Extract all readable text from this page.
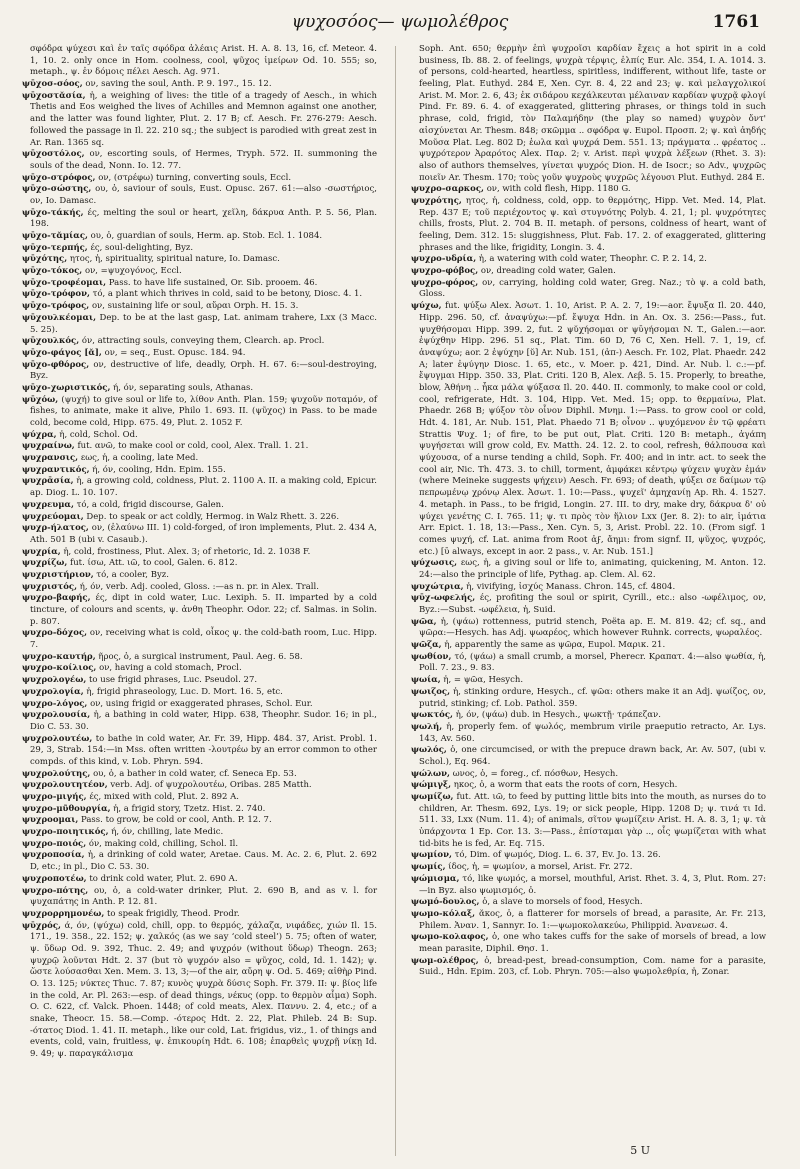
ψυχοσόος— ψωμολέθρος	1761

σφόδρα ψύχεσι καὶ ἐν ταῖς σφόδρα ἀλέαις Arist. H. A. 8. 13, 16, cf. Meteor. 4. 1, 10. 2. only once in Hom. coolness, cool, ψῦχος ἱμείρων Od. 10. 555; so, metaph., ψ. ἐν δόμοις πέλει Aesch. Ag. 971.

ψῡχοσ-σόος, ον, saving the soul, Anth. P. 9. 197., 15. 12.

ψῡχοστᾰσία, ἡ, a weighing of lives: the title of a tragedy of Aesch., in which Thetis and Eos weighed the lives of Achilles and Memnon against one another, and the latter was found lighter, Plut. 2. 17 B; cf. Aesch. Fr. 276-279: Aesch. followed the passage in Il. 22. 210 sq.; the subject is parodied with great zest in Ar. Ran. 1365 sq.

ψῡχοστόλος, ον, escorting souls, of Hermes, Tryph. 572. II. summoning the souls of the dead, Nonn. Io. 12. 77.

ψῡχο-στρόφος, ον, (στρέφω) turning, converting souls, Eccl.

ψῡχο-σώστης, ου, ὁ, saviour of souls, Eust. Opusc. 267. 61:—also -σωστήριος, ον, Io. Damasc.

ψῡχο-τάκής, ές, melting the soul or heart, χεῖλη, δάκρυα Anth. P. 5. 56, Plan. 198.

ψῡχο-τᾰμίας, ου, ὁ, guardian of souls, Herm. ap. Stob. Ecl. 1. 1084.

ψῡχο-τερπής, ές, soul-delighting, Byz.

ψῡχότης, ητος, ἡ, spirituality, spiritual nature, Io. Damasc.

ψῡχο-τόκος, ον, =ψυχογόνος, Eccl.

ψῡχο-τροφέομαι, Pass. to have life sustained, Or. Sib. prooem. 46.

ψῡχο-τρόφον, τό, a plant which thrives in cold, said to be betony, Diosc. 4. 1.

ψῡχο-τρόφος, ον, sustaining life or soul, αὔραι Orph. H. 15. 3.

ψῡχουλκέομαι, Dep. to be at the last gasp, Lat. animam trahere, Lxx (3 Macc. 5. 25).

ψῡχουλκός, όν, attracting souls, conveying them, Clearch. ap. Procl.

ψῡχο-φάγος [ᾰ], ον, = seq., Eust. Opusc. 184. 94.

ψῡχο-φθόρος, ον, destructive of life, deadly, Orph. H. 67. 6:—soul-destroying, Byz.

ψῡχο-χωριστικός, ή, όν, separating souls, Athanas.

ψῡχόω, (ψυχή) to give soul or life to, λίθον Anth. Plan. 159; ψυχοῦν ποταμόν, of fishes, to animate, make it alive, Philo 1. 693. II. (ψῦχος) in Pass. to be made cold, become cold, Hipp. 675. 49, Plut. 2. 1052 F.

ψύχρα, ἡ, cold, Schol. Od.

ψυχραίνω, fut. ανῶ, to make cool or cold, cool, Alex. Trall. 1. 21.

ψυχρανσις, εως, ἡ, a cooling, late Med.

ψυχραντικός, ή, όν, cooling, Hdn. Epim. 155.

ψυχρᾱσία, ἡ, a growing cold, coldness, Plut. 2. 1100 A. II. a making cold, Epicur. ap. Diog. L. 10. 107.

ψυχρευμα, τό, a cold, frigid discourse, Galen.

ψυχρεύομαι, Dep. to speak or act coldly, Hermog. in Walz Rhett. 3. 226.

ψυχρ-ήλατος, ον, (ἐλαύνω III. 1) cold-forged, of iron implements, Plut. 2. 434 A, Ath. 501 B (ubi v. Casaub.).

ψυχρία, ἡ, cold, frostiness, Plut. Alex. 3; of rhetoric, Id. 2. 1038 F.

ψυχρίζω, fut. ίσω, Att. ιῶ, to cool, Galen. 6. 812.

ψυχριστήριον, τό, a cooler, Byz.

ψυχριστός, ή, όν, verb. Adj. cooled, Gloss. :—as n. pr. in Alex. Trall.

ψυχρο-βαφής, ές, dipt in cold water, Luc. Lexiph. 5. II. imparted by a cold tincture, of colours and scents, ψ. ἀνθη Theophr. Odor. 22; cf. Salmas. in Solin. p. 807.

ψυχρο-δόχος, ον, receiving what is cold, οἶκος ψ. the cold-bath room, Luc. Hipp. 7.

ψυχρο-καυτήρ, ῆρος, ὁ, a surgical instrument, Paul. Aeg. 6. 58.

ψυχρο-κοίλιος, ον, having a cold stomach, Procl.

ψυχρολογέω, to use frigid phrases, Luc. Pseudol. 27.

ψυχρολογία, ἡ, frigid phraseology, Luc. D. Mort. 16. 5, etc.

ψυχρο-λόγος, ον, using frigid or exaggerated phrases, Schol. Eur.

ψυχρολουσία, ἡ, a bathing in cold water, Hipp. 638, Theophr. Sudor. 16; in pl., Dio C. 53. 30.

ψυχρολουτέω, to bathe in cold water, Ar. Fr. 39, Hipp. 484. 37, Arist. Probl. 1. 29, 3, Strab. 154:—in Mss. often written -λουτρέω by an error common to other compds. of this kind, v. Lob. Phryn. 594.

ψυχρολούτης, ου, ὁ, a bather in cold water, cf. Seneca Ep. 53.

ψυχρολουτητέον, verb. Adj. of ψυχρολουτέω, Oribas. 285 Matth.

ψυχρο-μιγής, ές, mixed with cold, Plut. 2. 892 A.

ψυχρο-μῦθουργία, ἡ, a frigid story, Tzetz. Hist. 2. 740.

ψυχροομαι, Pass. to grow, be cold or cool, Anth. P. 12. 7.

ψυχρο-ποιητικός, ή, όν, chilling, late Medic.

ψυχρο-ποιός, όν, making cold, chilling, Schol. Il.

ψυχροποσία, ἡ, a drinking of cold water, Aretae. Caus. M. Ac. 2. 6, Plut. 2. 692 D, etc.; in pl., Dio C. 53. 30.

ψυχροποτέω, to drink cold water, Plut. 2. 690 A.

ψυχρο-πότης, ου, ὁ, a cold-water drinker, Plut. 2. 690 B, and as v. l. for ψυχαπάτης in Anth. P. 12. 81.

ψυχρορρημονέω, to speak frigidly, Theod. Prodr.

ψῡχρός, ά, όν, (ψύχω) cold, chill, opp. to θερμός, χάλαζα, νιφάδες, χιών Il. 15. 171., 19. 358., 22. 152; ψ. χαλκός (as we say ‘cold steel’) 5. 75; often of water, ψ. ὕδωρ Od. 9. 392, Thuc. 2. 49; and ψυχρόν (without ὕδωρ) Theogn. 263; ψυχρῷ λοῦνται Hdt. 2. 37 (but τὸ ψυχρόν also = ψῦχος, cold, Id. 1. 142); ψ. ὥστε λούσασθαι Xen. Mem. 3. 13, 3;—of the air, αὔρη ψ. Od. 5. 469; αἰθὴρ Pind. O. 13. 125; νύκτες Thuc. 7. 87; κυνὸς ψυχρὰ δύσις Soph. Fr. 379. II: ψ. βίος life in the cold, Ar. Pl. 263:—esp. of dead things, νέκυς (opp. to θερμὸν αἷμα) Soph. O. C. 622, cf. Valck. Phoen. 1448; of cold meats, Alex. Παννυ. 2. 4, etc.; of a snake, Theocr. 15. 58.—Comp. -ότερος Hdt. 2. 22, Plat. Phileb. 24 B: Sup. -ότατος Diod. 1. 41. II. metaph., like our cold, Lat. frigidus, viz., 1. of things and events, cold, vain, fruitless, ψ. ἐπικουρίη Hdt. 6. 108; ἐπαρθεὶς ψυχρῇ νίκῃ Id. 9. 49; ψ. παραγκάλισμα

Soph. Ant. 650; θερμὴν ἐπὶ ψυχροῖσι καρδίαν ἔχεις a hot spirit in a cold business, Ib. 88. 2. of feelings, ψυχρὰ τέρψις, ἐλπίς Eur. Alc. 354, I. A. 1014. 3. of persons, cold-hearted, heartless, spiritless, indifferent, without life, taste or feeling, Plat. Euthyd. 284 E, Xen. Cyr. 8. 4, 22 and 23; ψ. καὶ μελαγχολικοί Arist. M. Mor. 2. 6, 43; ἐκ σιδάρου κεχάλκευται μέλαιναν καρδίαν ψυχρᾷ φλογί Pind. Fr. 89. 6. 4. of exaggerated, glittering phrases, or things told in such phrase, cold, frigid, τὸν Παλαμήδην (the play so named) ψυχρὸν ὄντ' αἰσχύνεται Ar. Thesm. 848; σκῶμμα .. σφόδρα ψ. Eupol. Προσπ. 2; ψ. καὶ ἀηδής Μοῦσα Plat. Leg. 802 D; ἑωλα καὶ ψυχρά Dem. 551. 13; πράγματα .. φρέατος .. ψυχρότερον Ἀραρότος Alex. Παρ. 2; v. Arist. περὶ ψυχρὰ λέξεων (Rhet. 3. 3): also of authors themselves, γίνεται ψυχρός Dion. H. de Isocr.; so Adv., ψυχρῶς ποιεῖν Ar. Thesm. 170; τοὺς γοῦν ψυχροὺς ψυχρῶς λέγουσι Plut. Euthyd. 284 E.

ψυχρο-σαρκος, ον, with cold flesh, Hipp. 1180 G.

ψυχρότης, ητος, ἡ, coldness, cold, opp. to θερμότης, Hipp. Vet. Med. 14, Plat. Rep. 437 E; τοῦ περιέχοντος ψ. καὶ στυγνότης Polyb. 4. 21, 1; pl. ψυχρότητες chills, frosts, Plut. 2. 704 B. II. metaph. of persons, coldness of heart, want of feeling, Dem. 312. 15: sluggishness, Plut. Fab. 17. 2. of exaggerated, glittering phrases and the like, frigidity, Longin. 3. 4.

ψυχρο-υδρία, ἡ, a watering with cold water, Theophr. C. P. 2. 14, 2.

ψυχρο-φόβος, ον, dreading cold water, Galen.

ψυχρο-φόρος, ον, carrying, holding cold water, Greg. Naz.; τὸ ψ. a cold bath, Gloss.

ψύχω, fut. ψύξω Alex. Ἀσωτ. 1. 10, Arist. P. A. 2. 7, 19:—aor. ἔψυξα Il. 20. 440, Hipp. 296. 50, cf. ἀναψύχω:—pf. ἔψυχα Hdn. in An. Ox. 3. 256:—Pass., fut. ψυχθήσομαι Hipp. 399. 2, fut. 2 ψῠχήσομαι or ψῡγήσομαι N. T., Galen.:—aor. ἐψύχθην Hipp. 296. 51 sq., Plat. Tim. 60 D, 76 C, Xen. Hell. 7. 1, 19, cf. ἀναψύχω; aor. 2 ἐψύχην [ῠ] Ar. Nub. 151, (ἀπ-) Aesch. Fr. 102, Plat. Phaedr. 242 A; later ἐψύγην Diosc. 1. 65, etc., v. Moer. p. 421, Dind. Ar. Nub. l. c.:—pf. ἔψυγμαι Hipp. 350. 33, Plat. Criti. 120 B, Alex. Λεβ. 5. 15. Properly, to breathe, blow, Ἀθήνη .. ἦκα μάλα ψύξασα Il. 20. 440. II. commonly, to make cool or cold, cool, refrigerate, Hdt. 3. 104, Hipp. Vet. Med. 15; opp. to θερμαίνω, Plat. Phaedr. 268 B; ψύξον τὸν οἶνον Diphil. Μνημ. 1:—Pass. to grow cool or cold, Hdt. 4. 181, Ar. Nub. 151, Plat. Phaedo 71 B; οἶνον .. ψυχόμενον ἐν τῷ φρέατι Strattis Ψυχ. 1; of fire, to be put out, Plat. Criti. 120 B: metaph., ἀγάπη ψυγήσεται will grow cold, Ev. Matth. 24. 12. 2. to cool, refresh, θάλπουσα καὶ ψύχουσα, of a nurse tending a child, Soph. Fr. 400; and in intr. act. to seek the cool air, Nic. Th. 473. 3. to chill, torment, ἀμφάκει κέντρῳ ψύχειν ψυχὰν ἐμάν (where Meineke suggests ψήχειν) Aesch. Fr. 693; of death, ψύξει σε δαίμων τῷ πεπρωμένῳ χρόνῳ Alex. Ἀσωτ. 1. 10:—Pass., ψυχεῖ' ἀμηχανίῃ Ap. Rh. 4. 1527. 4. metaph. in Pass., to be frigid, Longin. 27. III. to dry, make dry, δάκρυα δ' οὐ ψύχει γενέτης C. I. 765. 11; ψ. τι πρὸς τὸν ἥλιον Lxx (Jer. 8. 2): to air, ἱμάτια Arr. Epict. 1. 18, 13:—Pass., Xen. Cyn. 5, 3, Arist. Probl. 22. 10. (From sigf. 1 comes ψυχή, cf. Lat. anima from Root ἀϝ, ἄημι: from signf. II, ψῦχος, ψυχρός, etc.) [ῡ always, except in aor. 2 pass., v. Ar. Nub. 151.]

ψύχωσις, εως, ἡ, a giving soul or life to, animating, quickening, M. Anton. 12. 24:—also the principle of life, Pythag. ap. Clem. Al. 62.

ψυχώτρια, ἡ, vivifying, ἰσχύς Manass. Chron. 145, cf. 4804.

ψῡχ-ωφελής, ές, profiting the soul or spirit, Cyrill., etc.: also -ωφέλιμος, ον, Byz.:—Subst. -ωφέλεια, ἡ, Suid.

ψῶα, ἡ, (ψάω) rottenness, putrid stench, Poëta ap. E. M. 819. 42; cf. sq., and ψῶρα:—Hesych. has Adj. ψωαρέος, which however Ruhnk. corrects, ψωραλέος.

ψῶζα, ἡ, apparently the same as ψῶρα, Eupol. Μαρικ. 21.

ψωθίον, τό, (ψάω) a small crumb, a morsel, Pherecr. Κραπατ. 4:—also ψωθία, ἡ, Poll. 7. 23., 9. 83.

ψωία, ἡ, = ψῶα, Hesych.

ψωιζος, ἡ, stinking ordure, Hesych., cf. ψῶα: others make it an Adj. ψωίζος, ον, putrid, stinking; cf. Lob. Pathol. 359.

ψωκτός, ἡ, όν, (ψάω) dub. in Hesych., ψωκτῇ· τράπεζαν.

ψωλή, ἡ, properly fem. of ψωλός, membrum virile praeputio retracto, Ar. Lys. 143, Av. 560.

ψωλός, ὁ, one circumcised, or with the prepuce drawn back, Ar. Av. 507, (ubi v. Schol.), Eq. 964.

ψώλων, ωνος, ὁ, = foreg., cf. πόσθων, Hesych.

ψώμιγξ, ηκος, ὁ, a worm that eats the roots of corn, Hesych.

ψωμίζω, fut. Att. ιῶ, to feed by putting little bits into the mouth, as nurses do to children, Ar. Thesm. 692, Lys. 19; or sick people, Hipp. 1208 D; ψ. τινά τι Id. 511. 33, Lxx (Num. 11. 4); of animals, σῖτον ψωμίζειν Arist. H. A. 8. 3, 1; ψ. τὰ ὑπάρχοντα 1 Ep. Cor. 13. 3:—Pass., ἐπίσταμαι γὰρ .., οἷς ψωμίζεται with what tid-bits he is fed, Ar. Eq. 715.

ψωμίον, τό, Dim. of ψωμός, Diog. L. 6. 37, Ev. Jo. 13. 26.

ψωμίς, ίδος, ἡ, = ψωμίον, a morsel, Arist. Fr. 272.

ψώμισμα, τό, like ψωμός, a morsel, mouthful, Arist. Rhet. 3. 4, 3, Plut. Rom. 27:—in Byz. also ψωμισμός, ὁ.

ψωμό-δουλος, ὁ, a slave to morsels of food, Hesych.

ψωμο-κόλαξ, ᾰκος, ὁ, a flatterer for morsels of bread, a parasite, Ar. Fr. 213, Philem. Ἀναν. 1, Sannyr. Io. 1:—ψωμοκολακεύω, Philippid. Ἀνανεωσ. 4.

ψωμο-κολαφος, ὁ, one who takes cuffs for the sake of morsels of bread, a low mean parasite, Diphil. Θησ. 1.

ψωμ-ολέθρος, ὁ, bread-pest, bread-consumption, Com. name for a parasite, Suid., Hdn. Epim. 203, cf. Lob. Phryn. 705:—also ψωμολεθρία, ἡ, Zonar.

5 U
